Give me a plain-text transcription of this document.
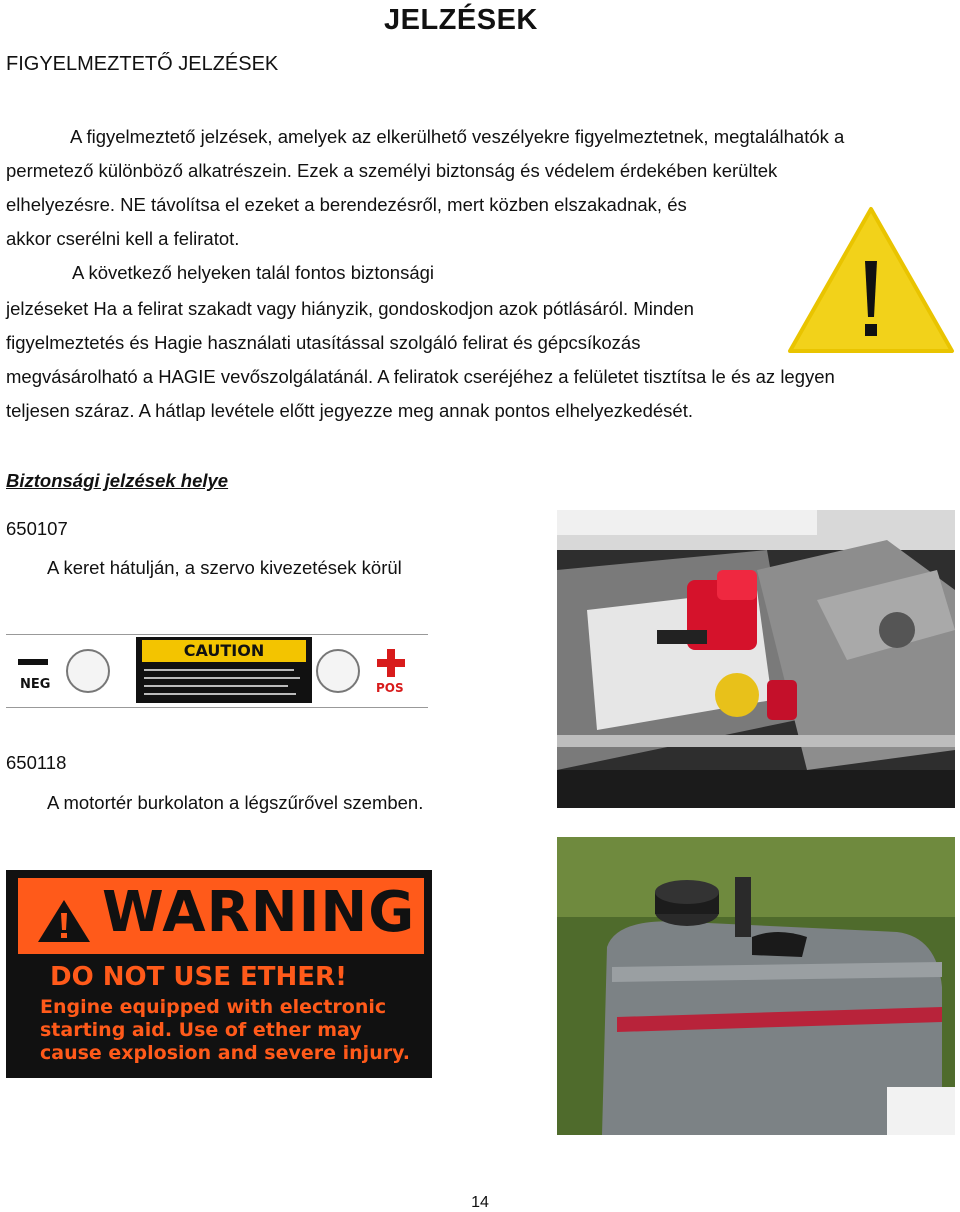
JELZÉSEK
FIGYELMEZTETŐ JELZÉSEK
A figyelmeztető jelzések, amelyek az elkerülhető veszélyekre figyelmeztetnek, megtalálhatók a
permetező különböző alkatrészein. Ezek a személyi biztonság és védelem érdekében kerültek
elhelyezésre. NE távolítsa el ezeket a berendezésről, mert közben elszakadnak, és
akkor cserélni kell a feliratot.
A következő helyeken talál fontos biztonsági
jelzéseket Ha a felirat szakadt vagy hiányzik, gondoskodjon azok pótlásáról. Minden
figyelmeztetés és Hagie használati utasítással szolgáló felirat és gépcsíkozás
megvásárolható a HAGIE vevőszolgálatánál. A feliratok cseréjéhez a felületet tisztítsa le és az legyen
teljesen száraz. A hátlap levétele előtt jegyezze meg annak pontos elhelyezkedését.
Biztonsági jelzések helye
650107
A keret hátulján, a szervo kivezetések körül
NEG
CAUTION
POS
650118
A motortér burkolaton a légszűrővel szemben.
WARNING
DO NOT USE ETHER!
Engine equipped with electronic starting aid. Use of ether may cause explosion and severe injury.
14
